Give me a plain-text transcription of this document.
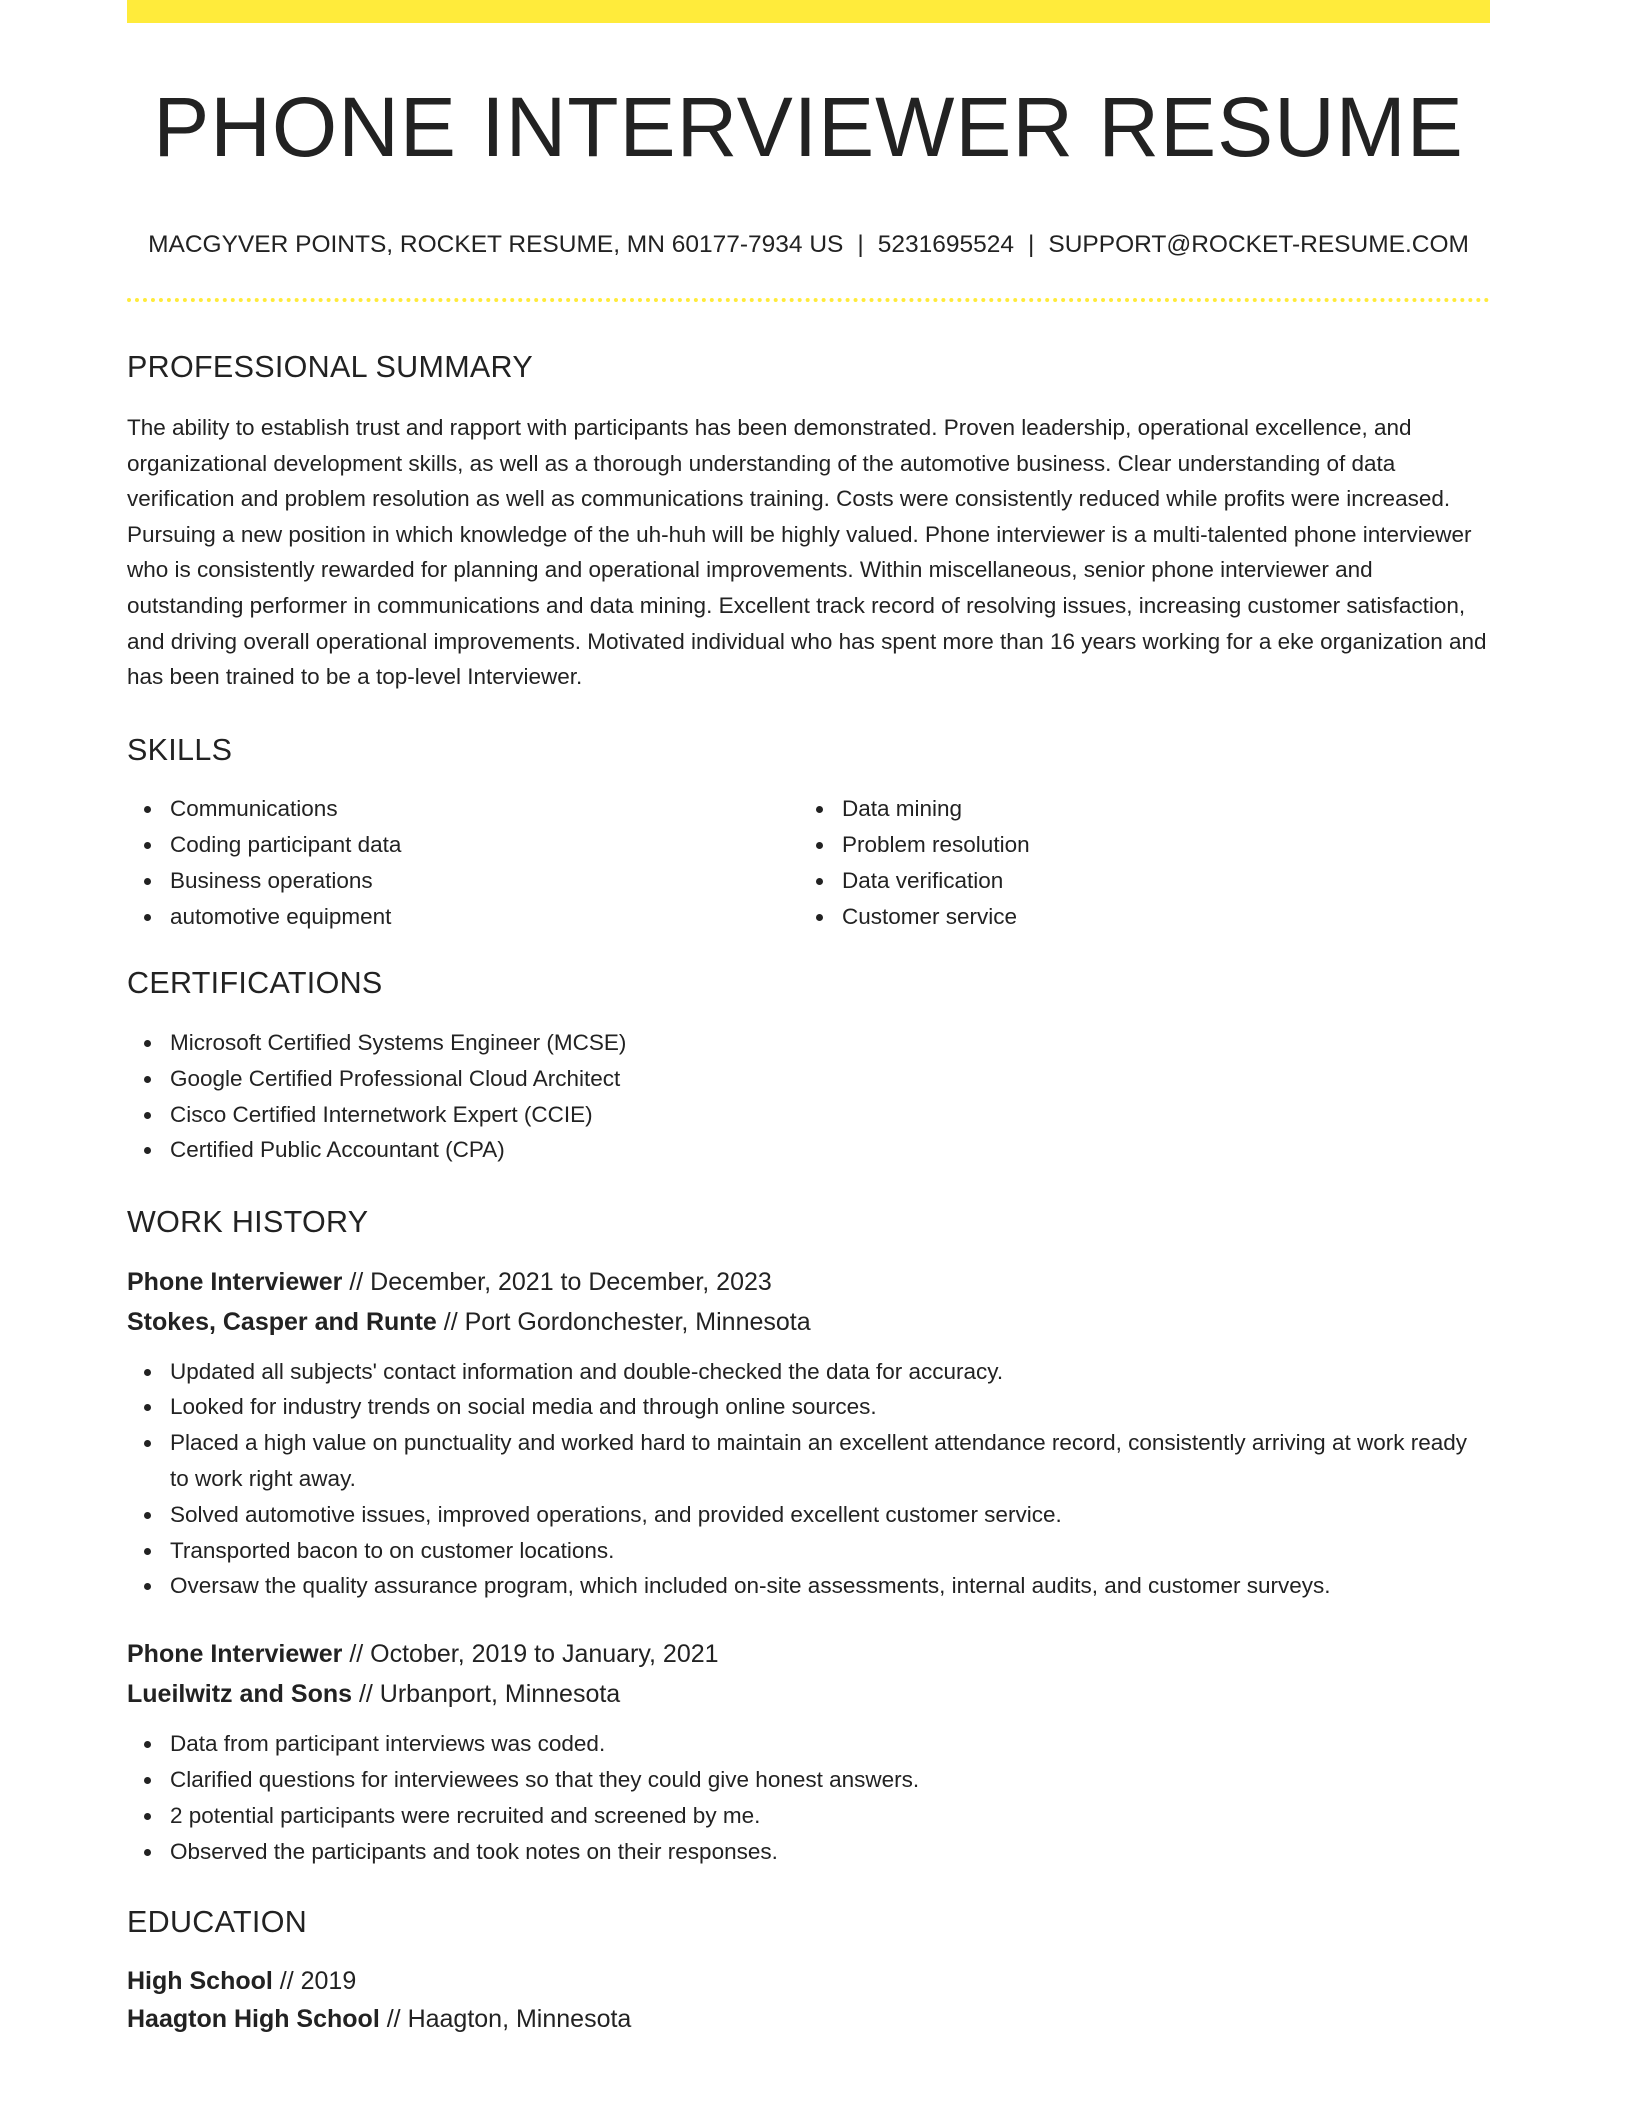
PHONE INTERVIEWER RESUME
MACGYVER POINTS, ROCKET RESUME, MN 60177-7934 US | 5231695524 | SUPPORT@ROCKET-RESUME.COM
PROFESSIONAL SUMMARY

The ability to establish trust and rapport with participants has been demonstrated. Proven leadership, operational excellence, and organizational development skills, as well as a thorough understanding of the automotive business. Clear understanding of data verification and problem resolution as well as communications training. Costs were consistently reduced while profits were increased. Pursuing a new position in which knowledge of the uh-huh will be highly valued. Phone interviewer is a multi-talented phone interviewer who is consistently rewarded for planning and operational improvements. Within miscellaneous, senior phone interviewer and outstanding performer in communications and data mining. Excellent track record of resolving issues, increasing customer satisfaction, and driving overall operational improvements. Motivated individual who has spent more than 16 years working for a eke organization and has been trained to be a top-level Interviewer.

SKILLS
Communications
Coding participant data
Business operations
automotive equipment
Data mining
Problem resolution
Data verification
Customer service
CERTIFICATIONS
Microsoft Certified Systems Engineer (MCSE)
Google Certified Professional Cloud Architect
Cisco Certified Internetwork Expert (CCIE)
Certified Public Accountant (CPA)
WORK HISTORY
Phone Interviewer // December, 2021 to December, 2023
Stokes, Casper and Runte // Port Gordonchester, Minnesota
Updated all subjects' contact information and double-checked the data for accuracy.
Looked for industry trends on social media and through online sources.
Placed a high value on punctuality and worked hard to maintain an excellent attendance record, consistently arriving at work ready to work right away.
Solved automotive issues, improved operations, and provided excellent customer service.
Transported bacon to on customer locations.
Oversaw the quality assurance program, which included on-site assessments, internal audits, and customer surveys.
Phone Interviewer // October, 2019 to January, 2021
Lueilwitz and Sons // Urbanport, Minnesota
Data from participant interviews was coded.
Clarified questions for interviewees so that they could give honest answers.
2 potential participants were recruited and screened by me.
Observed the participants and took notes on their responses.
EDUCATION
High School // 2019
Haagton High School // Haagton, Minnesota
